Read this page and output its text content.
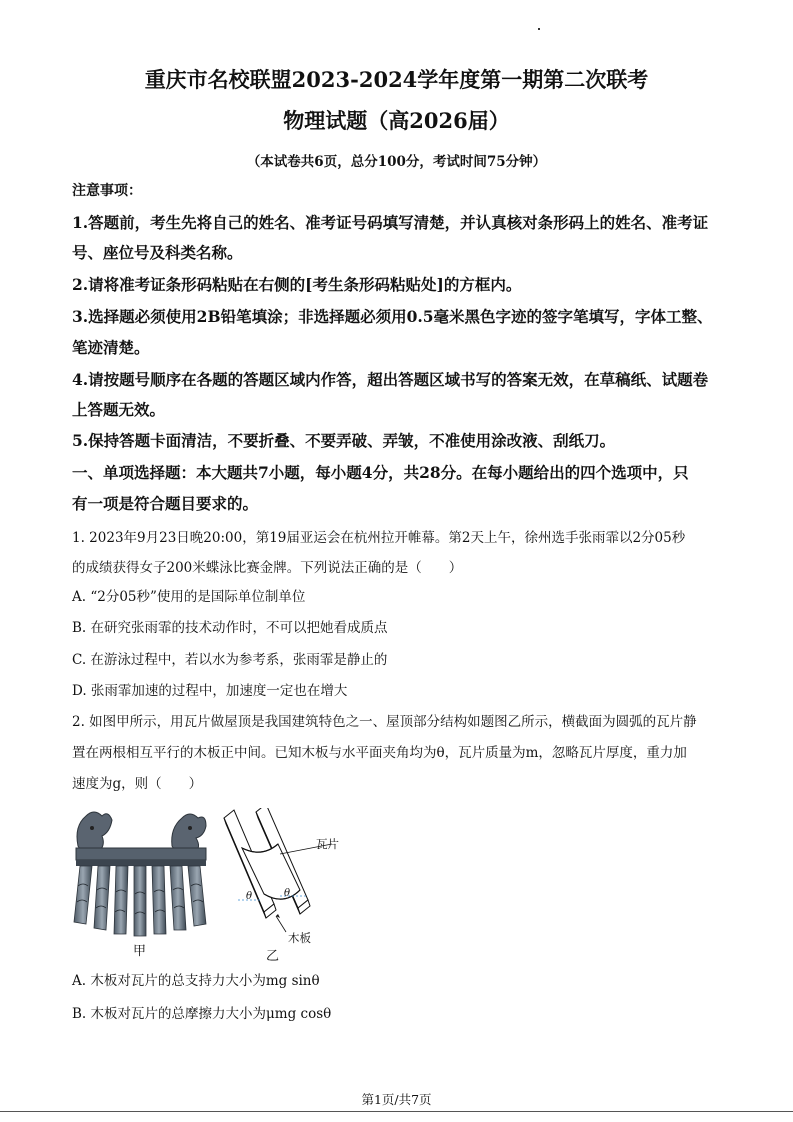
重庆市名校联盟2023-2024学年度第一期第二次联考
物理试题（高2026届）
（本试卷共6页，总分100分，考试时间75分钟）
注意事项：
1.答题前，考生先将自己的姓名、准考证号码填写清楚，并认真核对条形码上的姓名、准考证
号、座位号及科类名称。
2.请将准考证条形码粘贴在右侧的[考生条形码粘贴处]的方框内。
3.选择题必须使用2B铅笔填涂；非选择题必须用0.5毫米黑色字迹的签字笔填写，字体工整、
笔迹清楚。
4.请按题号顺序在各题的答题区域内作答，超出答题区域书写的答案无效，在草稿纸、试题卷
上答题无效。
5.保持答题卡面清洁，不要折叠、不要弄破、弄皱，不准使用涂改液、刮纸刀。
一、单项选择题：本大题共7小题，每小题4分，共28分。在每小题给出的四个选项中，只
有一项是符合题目要求的。
1. 2023年9月23日晚20:00，第19届亚运会在杭州拉开帷幕。第2天上午，徐州选手张雨霏以2分05秒
的成绩获得女子200米蝶泳比赛金牌。下列说法正确的是（　　）
A. “2分05秒”使用的是国际单位制单位
B. 在研究张雨霏的技术动作时，不可以把她看成质点
C. 在游泳过程中，若以水为参考系，张雨霏是静止的
D. 张雨霏加速的过程中，加速度一定也在增大
2. 如图甲所示，用瓦片做屋顶是我国建筑特色之一、屋顶部分结构如题图乙所示，横截面为圆弧的瓦片静
置在两根相互平行的木板正中间。已知木板与水平面夹角均为θ，瓦片质量为m，忽略瓦片厚度，重力加
速度为g，则（　　）
甲
瓦片
木板
θ	θ
乙
A. 木板对瓦片的总支持力大小为mg sinθ
B. 木板对瓦片的总摩擦力大小为μmg cosθ
第1页/共7页
